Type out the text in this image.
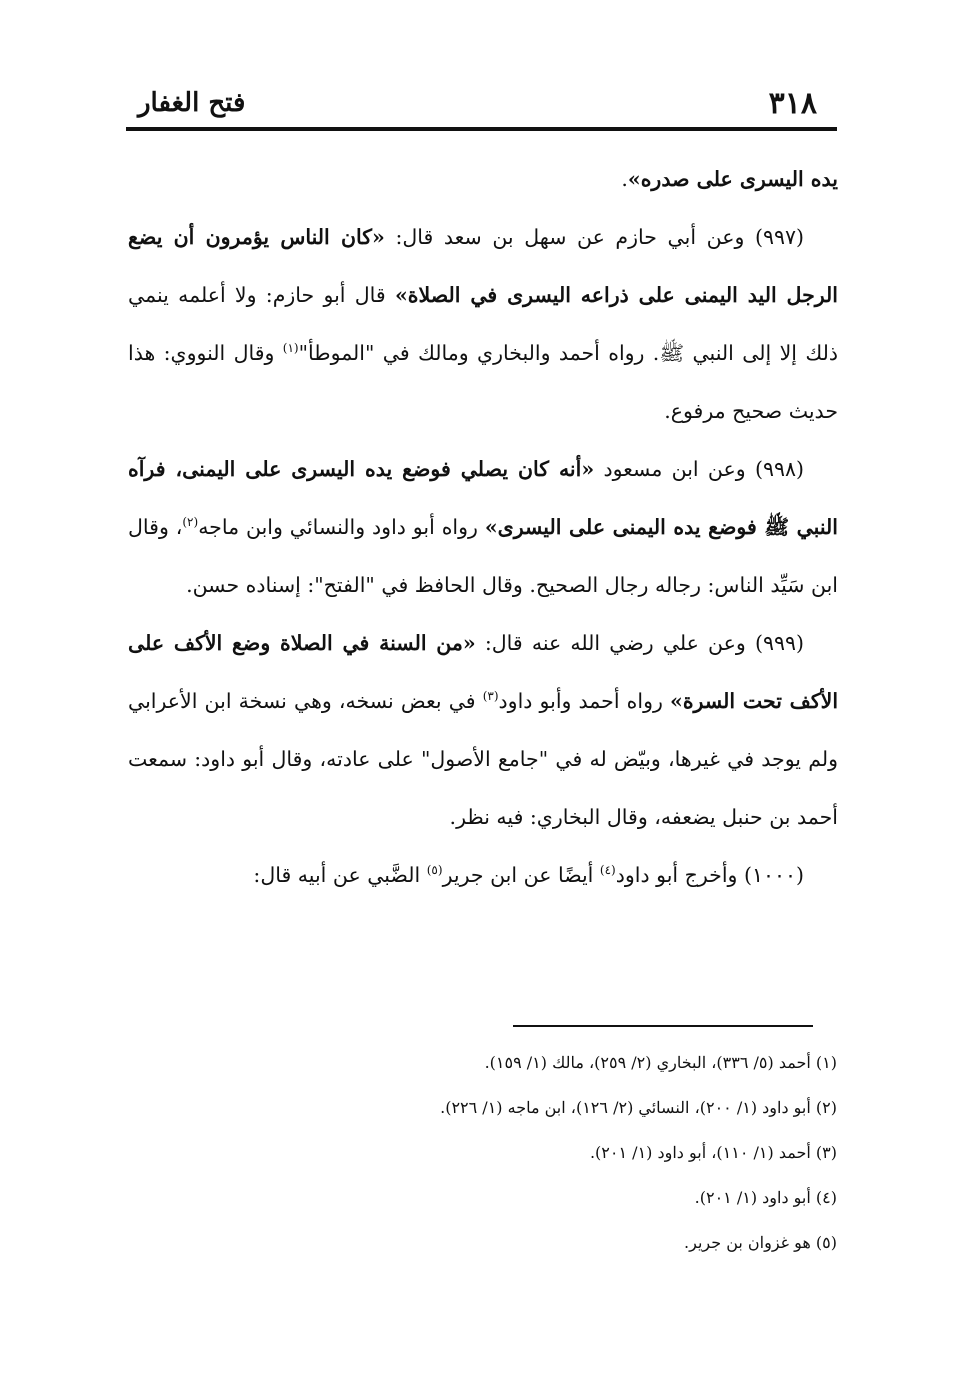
٣١٨
فتح الغفار

يده اليسرى على صدره».

(٩٩٧) وعن أبي حازم عن سهل بن سعد قال: «كان الناس يؤمرون أن يضع الرجل اليد اليمنى على ذراعه اليسرى في الصلاة» قال أبو حازم: ولا أعلمه ينمي ذلك إلا إلى النبي ﷺ. رواه أحمد والبخاري ومالك في "الموطأ"$^{(١)}$ وقال النووي: هذا حديث صحيح مرفوع.

(٩٩٨) وعن ابن مسعود «أنه كان يصلي فوضع يده اليسرى على اليمنى، فرآه النبي ﷺ فوضع يده اليمنى على اليسرى» رواه أبو داود والنسائي وابن ماجه$^{(٢)}$، وقال ابن سَيِّد الناس: رجاله رجال الصحيح. وقال الحافظ في "الفتح": إسناده حسن.

(٩٩٩) وعن علي رضي الله عنه قال: «من السنة في الصلاة وضع الأكف على الأكف تحت السرة» رواه أحمد وأبو داود$^{(٣)}$ في بعض نسخه، وهي نسخة ابن الأعرابي ولم يوجد في غيرها، وبيّض له في "جامع الأصول" على عادته، وقال أبو داود: سمعت أحمد بن حنبل يضعفه، وقال البخاري: فيه نظر.

(١٠٠٠) وأخرج أبو داود$^{(٤)}$ أيضًا عن ابن جرير$^{(٥)}$ الضَّبي عن أبيه قال:

(١) أحمد (٥/ ٣٣٦)، البخاري (٢/ ٢٥٩)، مالك (١/ ١٥٩).
(٢) أبو داود (١/ ٢٠٠)، النسائي (٢/ ١٢٦)، ابن ماجه (١/ ٢٢٦).
(٣) أحمد (١/ ١١٠)، أبو داود (١/ ٢٠١).
(٤) أبو داود (١/ ٢٠١).
(٥) هو غزوان بن جرير.
